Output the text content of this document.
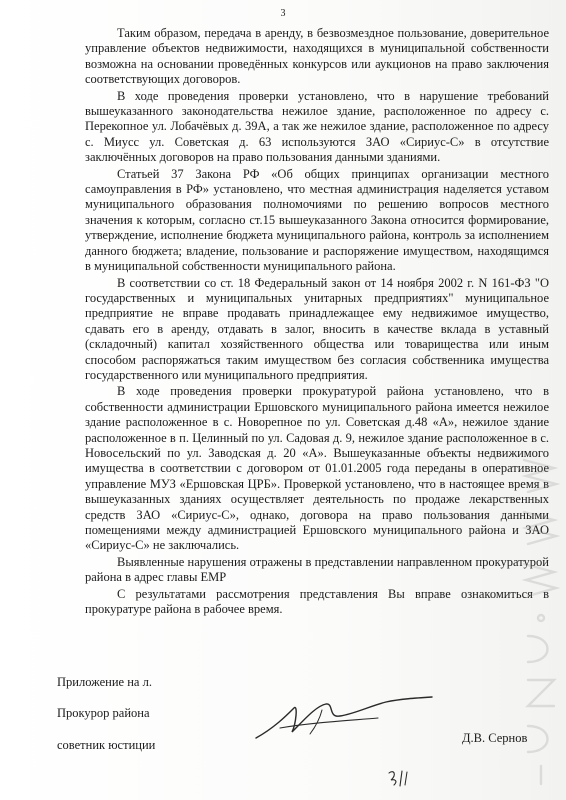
3

Таким образом, передача в аренду, в безвозмездное пользование, доверительное управление объектов недвижимости, находящихся в муниципальной собственности возможна на основании проведённых конкурсов или аукционов на право заключения соответствующих договоров.

В ходе проведения проверки установлено, что в нарушение требований вышеуказанного законодательства нежилое здание, расположенное по адресу с. Перекопное ул. Лобачёвых д. 39А, а так же нежилое здание, расположенное по адресу с. Миусс ул. Советская д. 63 используются ЗАО «Сириус-С» в отсутствие заключённых договоров на право пользования данными зданиями.

Статьей 37 Закона РФ «Об общих принципах организации местного самоуправления в РФ» установлено, что местная администрация наделяется уставом муниципального образования полномочиями по решению вопросов местного значения к которым, согласно ст.15 вышеуказанного Закона относится формирование, утверждение, исполнение бюджета муниципального района, контроль за исполнением данного бюджета; владение, пользование и распоряжение имуществом, находящимся в муниципальной собственности муниципального района.

В соответствии со ст. 18 Федеральный закон от 14 ноября 2002 г. N 161-ФЗ "О государственных и муниципальных унитарных предприятиях" муниципальное предприятие не вправе продавать принадлежащее ему недвижимое имущество, сдавать его в аренду, отдавать в залог, вносить в качестве вклада в уставный (складочный) капитал хозяйственного общества или товарищества или иным способом распоряжаться таким имуществом без согласия собственника имущества государственного или муниципального предприятия.

В ходе проведения проверки прокуратурой района установлено, что в собственности администрации Ершовского муниципального района имеется нежилое здание расположенное в с. Новорепное по ул. Советская д.48 «А», нежилое здание расположенное в п. Целинный по ул. Садовая д. 9, нежилое здание расположенное в с. Новосельский по ул. Заводская д. 20 «А». Вышеуказанные объекты недвижимого имущества в соответствии с договором от 01.01.2005 года переданы в оперативное управление МУЗ «Ершовская ЦРБ». Проверкой установлено, что в настоящее время в вышеуказанных зданиях осуществляет деятельность по продаже лекарственных средств ЗАО «Сириус-С», однако, договора на право пользования данными помещениями между администрацией Ершовского муниципального района и ЗАО «Сириус-С» не заключались.

Выявленные нарушения отражены в представлении направленном прокуратурой района в адрес главы ЕМР

С результатами рассмотрения представления Вы вправе ознакомиться в прокуратуре района в рабочее время.

Приложение на л.
Прокурор района
советник юстиции	Д.В. Сернов
